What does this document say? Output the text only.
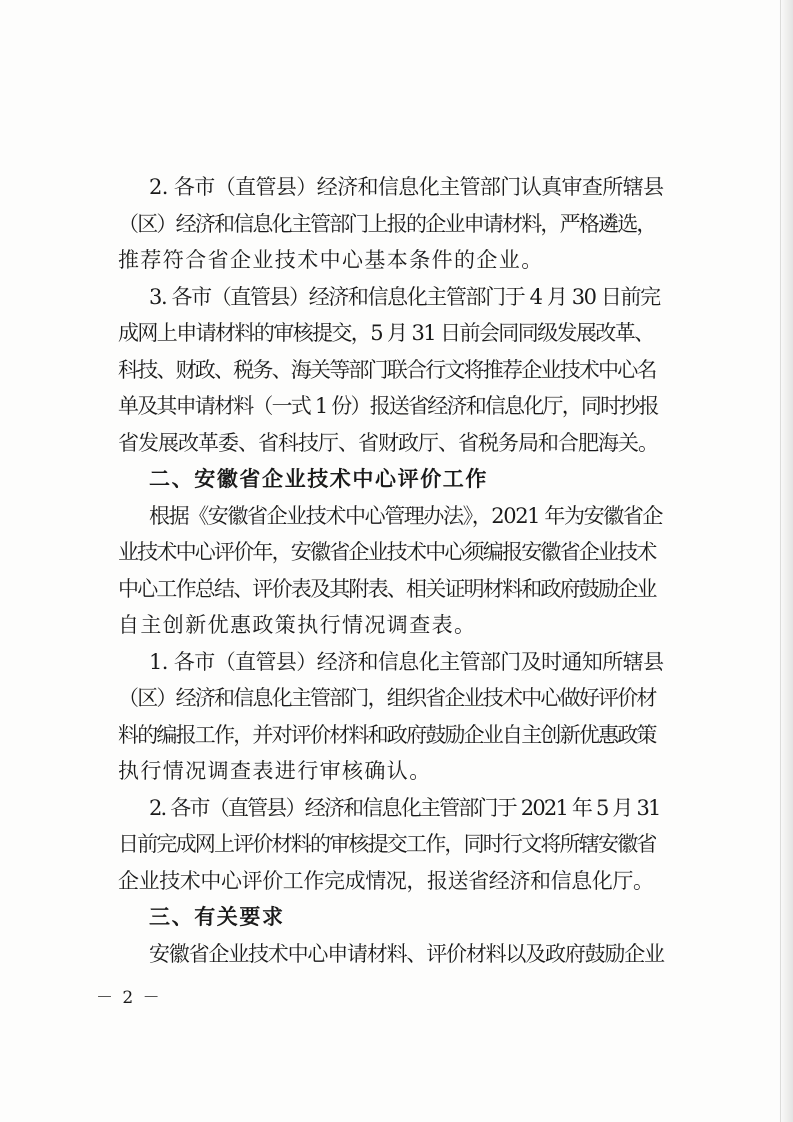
2. 各市（直管县）经济和信息化主管部门认真审查所辖县
（区）经济和信息化主管部门上报的企业申请材料，严格遴选，
推荐符合省企业技术中心基本条件的企业。
3. 各市（直管县）经济和信息化主管部门于 4 月 30 日前完
成网上申请材料的审核提交，5 月 31 日前会同同级发展改革、
科技、财政、税务、海关等部门联合行文将推荐企业技术中心名
单及其申请材料（一式 1 份）报送省经济和信息化厅，同时抄报
省发展改革委、省科技厅、省财政厅、省税务局和合肥海关。
二、安徽省企业技术中心评价工作
根据《安徽省企业技术中心管理办法》，2021 年为安徽省企
业技术中心评价年，安徽省企业技术中心须编报安徽省企业技术
中心工作总结、评价表及其附表、相关证明材料和政府鼓励企业
自主创新优惠政策执行情况调查表。
1. 各市（直管县）经济和信息化主管部门及时通知所辖县
（区）经济和信息化主管部门，组织省企业技术中心做好评价材
料的编报工作，并对评价材料和政府鼓励企业自主创新优惠政策
执行情况调查表进行审核确认。
2. 各市（直管县）经济和信息化主管部门于 2021 年 5 月 31
日前完成网上评价材料的审核提交工作，同时行文将所辖安徽省
企业技术中心评价工作完成情况，报送省经济和信息化厅。
三、有关要求
安徽省企业技术中心申请材料、评价材料以及政府鼓励企业
－ 2 －
